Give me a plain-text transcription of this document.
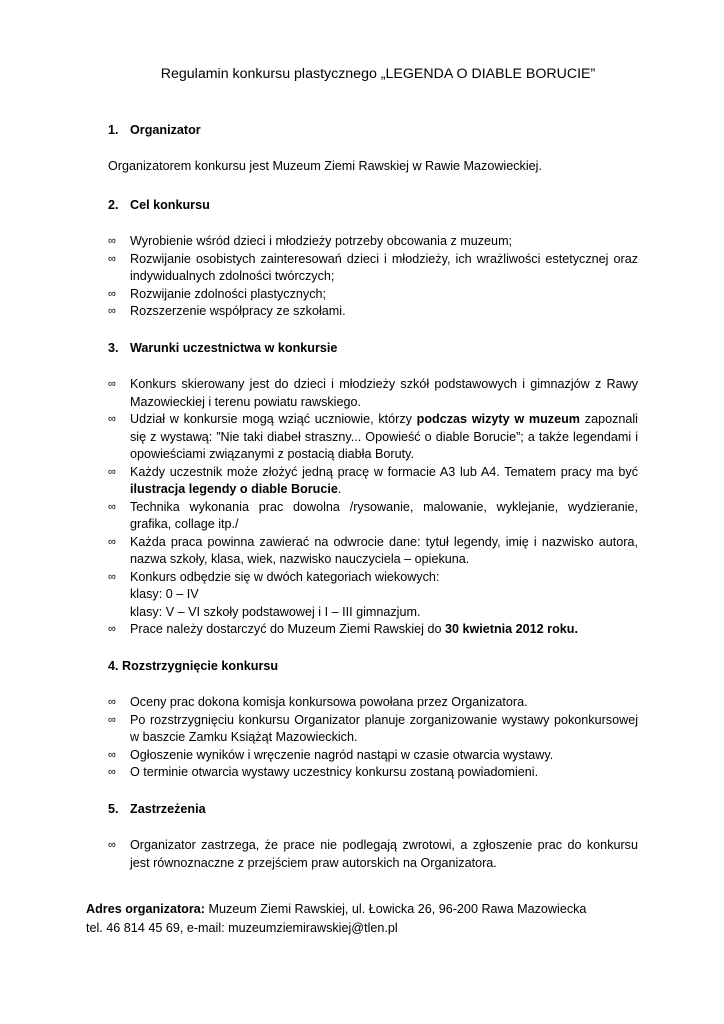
Regulamin konkursu plastycznego „LEGENDA O DIABLE BORUCIE”
1. Organizator

Organizatorem konkursu jest Muzeum Ziemi Rawskiej w Rawie Mazowieckiej.

2. Cel konkursu
∞ Wyrobienie wśród dzieci i młodzieży potrzeby obcowania z muzeum;
∞ Rozwijanie osobistych zainteresowań dzieci i młodzieży, ich wrażliwości estetycznej oraz indywidualnych zdolności twórczych;
∞ Rozwijanie zdolności plastycznych;
∞ Rozszerzenie współpracy ze szkołami.
3. Warunki uczestnictwa w konkursie
∞ Konkurs skierowany jest do dzieci i młodzieży szkół podstawowych i gimnazjów z Rawy Mazowieckiej i terenu powiatu rawskiego.
∞ Udział w konkursie mogą wziąć uczniowie, którzy podczas wizyty w muzeum zapoznali się z wystawą: ”Nie taki diabeł straszny... Opowieść o diable Borucie”; a także legendami i opowieściami związanymi z postacią diabła Boruty.
∞ Każdy uczestnik może złożyć jedną pracę w formacie A3 lub A4. Tematem pracy ma być ilustracja legendy o diable Borucie.
∞ Technika wykonania prac dowolna /rysowanie, malowanie, wyklejanie, wydzieranie, grafika, collage itp./
∞ Każda praca powinna zawierać na odwrocie dane: tytuł legendy, imię i nazwisko autora, nazwa szkoły, klasa, wiek, nazwisko nauczyciela – opiekuna.
∞ Konkurs odbędzie się w dwóch kategoriach wiekowych:
klasy: 0 – IV
klasy: V – VI szkoły podstawowej i I – III gimnazjum.
∞ Prace należy dostarczyć do Muzeum Ziemi Rawskiej do 30 kwietnia 2012 roku.
4. Rozstrzygnięcie konkursu
∞ Oceny prac dokona komisja konkursowa powołana przez Organizatora.
∞ Po rozstrzygnięciu konkursu Organizator planuje zorganizowanie wystawy pokonkursowej w baszcie Zamku Książąt Mazowieckich.
∞ Ogłoszenie wyników i wręczenie nagród nastąpi w czasie otwarcia wystawy.
∞ O terminie otwarcia wystawy uczestnicy konkursu zostaną powiadomieni.
5. Zastrzeżenia
∞ Organizator zastrzega, że prace nie podlegają zwrotowi, a zgłoszenie prac do konkursu jest równoznaczne z przejściem praw autorskich na Organizatora.
Adres organizatora: Muzeum Ziemi Rawskiej, ul. Łowicka 26, 96-200 Rawa Mazowiecka
tel. 46 814 45 69, e-mail: muzeumziemirawskiej@tlen.pl
